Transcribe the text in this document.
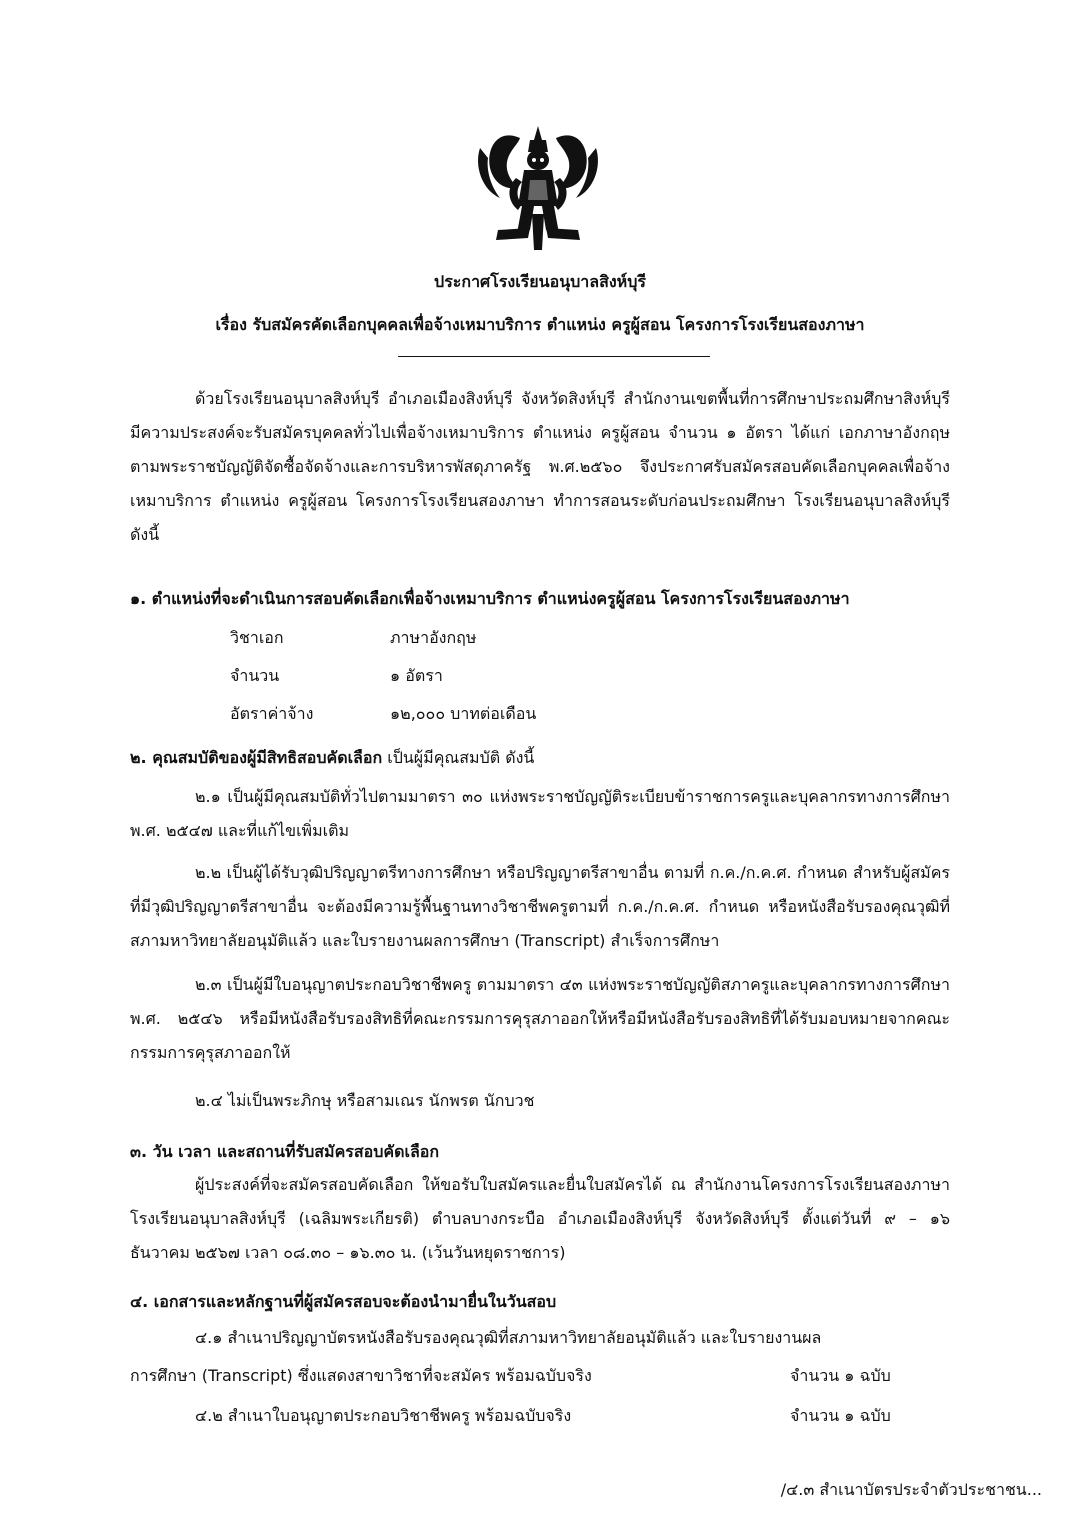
ประกาศโรงเรียนอนุบาลสิงห์บุรี
เรื่อง รับสมัครคัดเลือกบุคคลเพื่อจ้างเหมาบริการ ตำแหน่ง ครูผู้สอน โครงการโรงเรียนสองภาษา
ด้วยโรงเรียนอนุบาลสิงห์บุรี อำเภอเมืองสิงห์บุรี จังหวัดสิงห์บุรี สำนักงานเขตพื้นที่การศึกษาประถมศึกษาสิงห์บุรี มีความประสงค์จะรับสมัครบุคคลทั่วไปเพื่อจ้างเหมาบริการ ตำแหน่ง ครูผู้สอน จำนวน ๑ อัตรา ได้แก่ เอกภาษาอังกฤษ ตามพระราชบัญญัติจัดซื้อจัดจ้างและการบริหารพัสดุภาครัฐ พ.ศ.๒๕๖๐ จึงประกาศรับสมัครสอบคัดเลือกบุคคลเพื่อจ้างเหมาบริการ ตำแหน่ง ครูผู้สอน โครงการโรงเรียนสองภาษา ทำการสอนระดับก่อนประถมศึกษา โรงเรียนอนุบาลสิงห์บุรี ดังนี้
๑. ตำแหน่งที่จะดำเนินการสอบคัดเลือกเพื่อจ้างเหมาบริการ ตำแหน่งครูผู้สอน โครงการโรงเรียนสองภาษา
วิชาเอก	ภาษาอังกฤษ
จำนวน	๑ อัตรา
อัตราค่าจ้าง	๑๒,๐๐๐ บาทต่อเดือน
๒. คุณสมบัติของผู้มีสิทธิสอบคัดเลือก เป็นผู้มีคุณสมบัติ ดังนี้
๒.๑ เป็นผู้มีคุณสมบัติทั่วไปตามมาตรา ๓๐ แห่งพระราชบัญญัติระเบียบข้าราชการครูและบุคลากรทางการศึกษา พ.ศ. ๒๕๔๗ และที่แก้ไขเพิ่มเติม
๒.๒ เป็นผู้ได้รับวุฒิปริญญาตรีทางการศึกษา หรือปริญญาตรีสาขาอื่น ตามที่ ก.ค./ก.ค.ศ. กำหนด สำหรับผู้สมัครที่มีวุฒิปริญญาตรีสาขาอื่น จะต้องมีความรู้พื้นฐานทางวิชาชีพครูตามที่ ก.ค./ก.ค.ศ. กำหนด หรือหนังสือรับรองคุณวุฒิที่สภามหาวิทยาลัยอนุมัติแล้ว และใบรายงานผลการศึกษา (Transcript) สำเร็จการศึกษา
๒.๓ เป็นผู้มีใบอนุญาตประกอบวิชาชีพครู ตามมาตรา ๔๓ แห่งพระราชบัญญัติสภาครูและบุคลากรทางการศึกษา พ.ศ. ๒๕๔๖ หรือมีหนังสือรับรองสิทธิที่คณะกรรมการคุรุสภาออกให้หรือมีหนังสือรับรองสิทธิที่ได้รับมอบหมายจากคณะกรรมการคุรุสภาออกให้
๒.๔ ไม่เป็นพระภิกษุ หรือสามเณร นักพรต นักบวช
๓. วัน เวลา และสถานที่รับสมัครสอบคัดเลือก
ผู้ประสงค์ที่จะสมัครสอบคัดเลือก ให้ขอรับใบสมัครและยื่นใบสมัครได้ ณ สำนักงานโครงการโรงเรียนสองภาษา โรงเรียนอนุบาลสิงห์บุรี (เฉลิมพระเกียรติ) ตำบลบางกระบือ อำเภอเมืองสิงห์บุรี จังหวัดสิงห์บุรี ตั้งแต่วันที่ ๙ – ๑๖ ธันวาคม ๒๕๖๗ เวลา ๐๘.๓๐ – ๑๖.๓๐ น. (เว้นวันหยุดราชการ)
๔. เอกสารและหลักฐานที่ผู้สมัครสอบจะต้องนำมายื่นในวันสอบ
๔.๑ สำเนาปริญญาบัตรหนังสือรับรองคุณวุฒิที่สภามหาวิทยาลัยอนุมัติแล้ว และใบรายงานผล
การศึกษา (Transcript) ซึ่งแสดงสาขาวิชาที่จะสมัคร พร้อมฉบับจริง	จำนวน ๑ ฉบับ
๔.๒ สำเนาใบอนุญาตประกอบวิชาชีพครู พร้อมฉบับจริง	จำนวน ๑ ฉบับ
/๔.๓ สำเนาบัตรประจำตัวประชาชน...
